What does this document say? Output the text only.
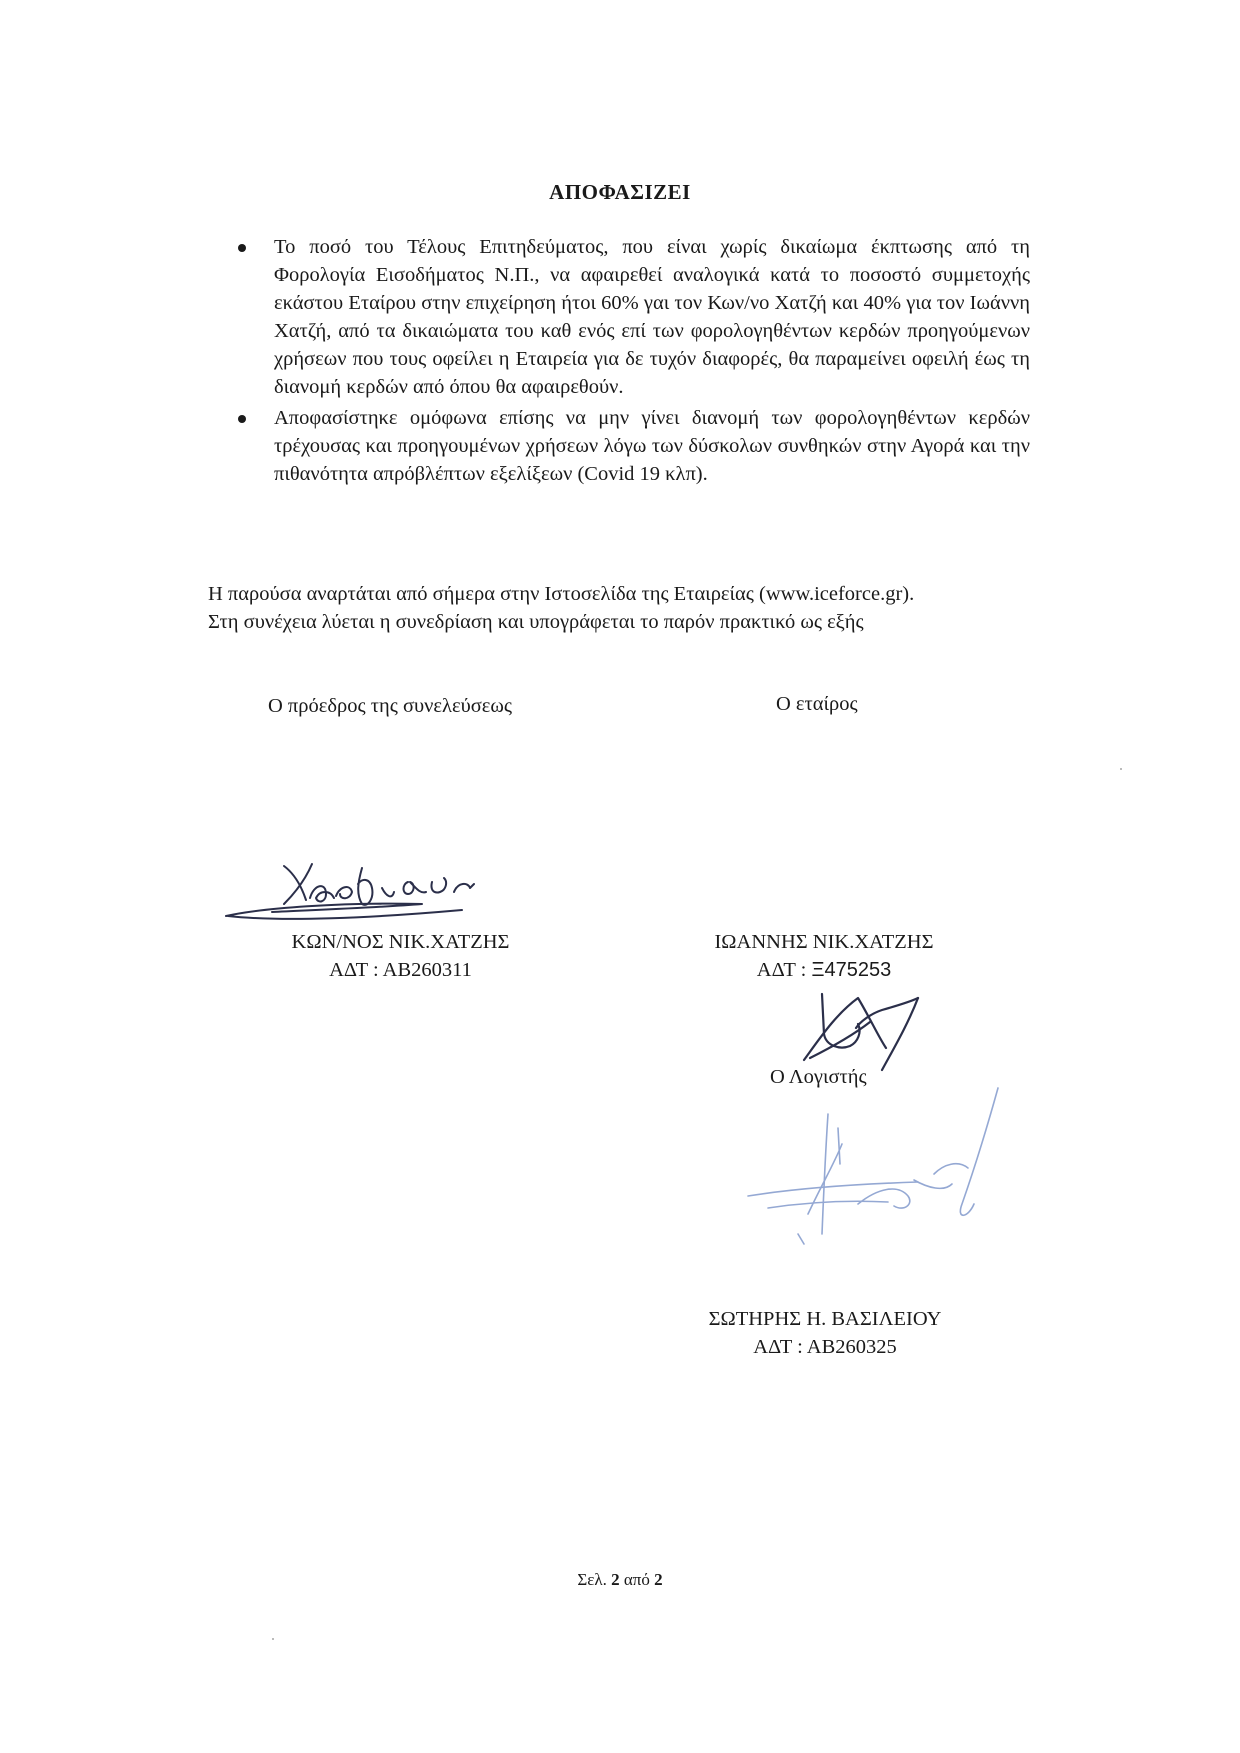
ΑΠΟΦΑΣΙΖΕΙ
Το ποσό του Τέλους Επιτηδεύματος, που είναι χωρίς δικαίωμα έκπτωσης από τη Φορολογία Εισοδήματος Ν.Π., να αφαιρεθεί αναλογικά κατά το ποσοστό συμμετοχής εκάστου Εταίρου στην επιχείρηση ήτοι 60% γαι τον Κων/νο Χατζή και 40% για τον Ιωάννη Χατζή, από τα δικαιώματα του καθ ενός επί των φορολογηθέντων κερδών προηγούμενων χρήσεων που τους οφείλει η Εταιρεία για δε τυχόν διαφορές, θα παραμείνει οφειλή έως τη διανομή κερδών από όπου θα αφαιρεθούν.
Αποφασίστηκε ομόφωνα επίσης να μην γίνει διανομή των φορολογηθέντων κερδών τρέχουσας και προηγουμένων χρήσεων λόγω των δύσκολων συνθηκών στην Αγορά και την πιθανότητα απρόβλέπτων εξελίξεων (Covid 19 κλπ).

Η παρούσα αναρτάται από σήμερα στην Ιστοσελίδα της Εταιρείας (www.iceforce.gr).

Στη συνέχεια λύεται η συνεδρίαση και υπογράφεται το παρόν πρακτικό ως εξής

Ο πρόεδρος της συνελεύσεως
Χατζηκων
ΚΩΝ/ΝΟΣ ΝΙΚ.ΧΑΤΖΗΣ
ΑΔΤ : ΑΒ260311
Ο εταίρος
ΙΩΑΝΝΗΣ ΝΙΚ.ΧΑΤΖΗΣ
ΑΔΤ : Ξ475253
Ο Λογιστής
ΣΩΤΗΡΗΣ Η. ΒΑΣΙΛΕΙΟΥ
ΑΔΤ : ΑΒ260325
Σελ. 2 από 2
